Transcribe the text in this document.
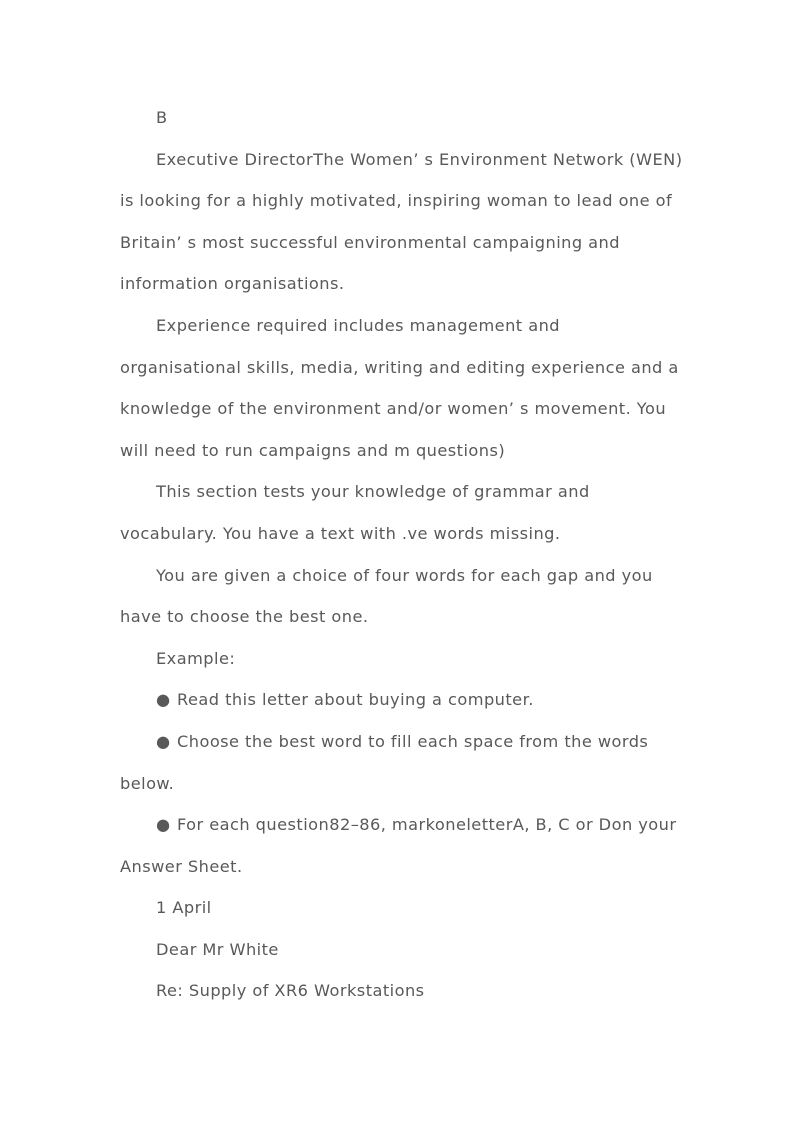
B

Executive DirectorThe Women’ s Environment Network (WEN) is looking for a highly motivated, inspiring woman to lead one of Britain’ s most successful environmental campaigning and information organisations.

Experience required includes management and organisational skills, media, writing and editing experience and a knowledge of the environment and/or women’ s movement. You will need to run campaigns and m questions)

This section tests your knowledge of grammar and vocabulary. You have a text with .ve words missing.

You are given a choice of four words for each gap and you have to choose the best one.

Example:

● Read this letter about buying a computer.

● Choose the best word to fill each space from the words below.

● For each question82–86, markoneletterA, B, C or Don your Answer Sheet.

1 April

Dear Mr White

Re: Supply of XR6 Workstations
